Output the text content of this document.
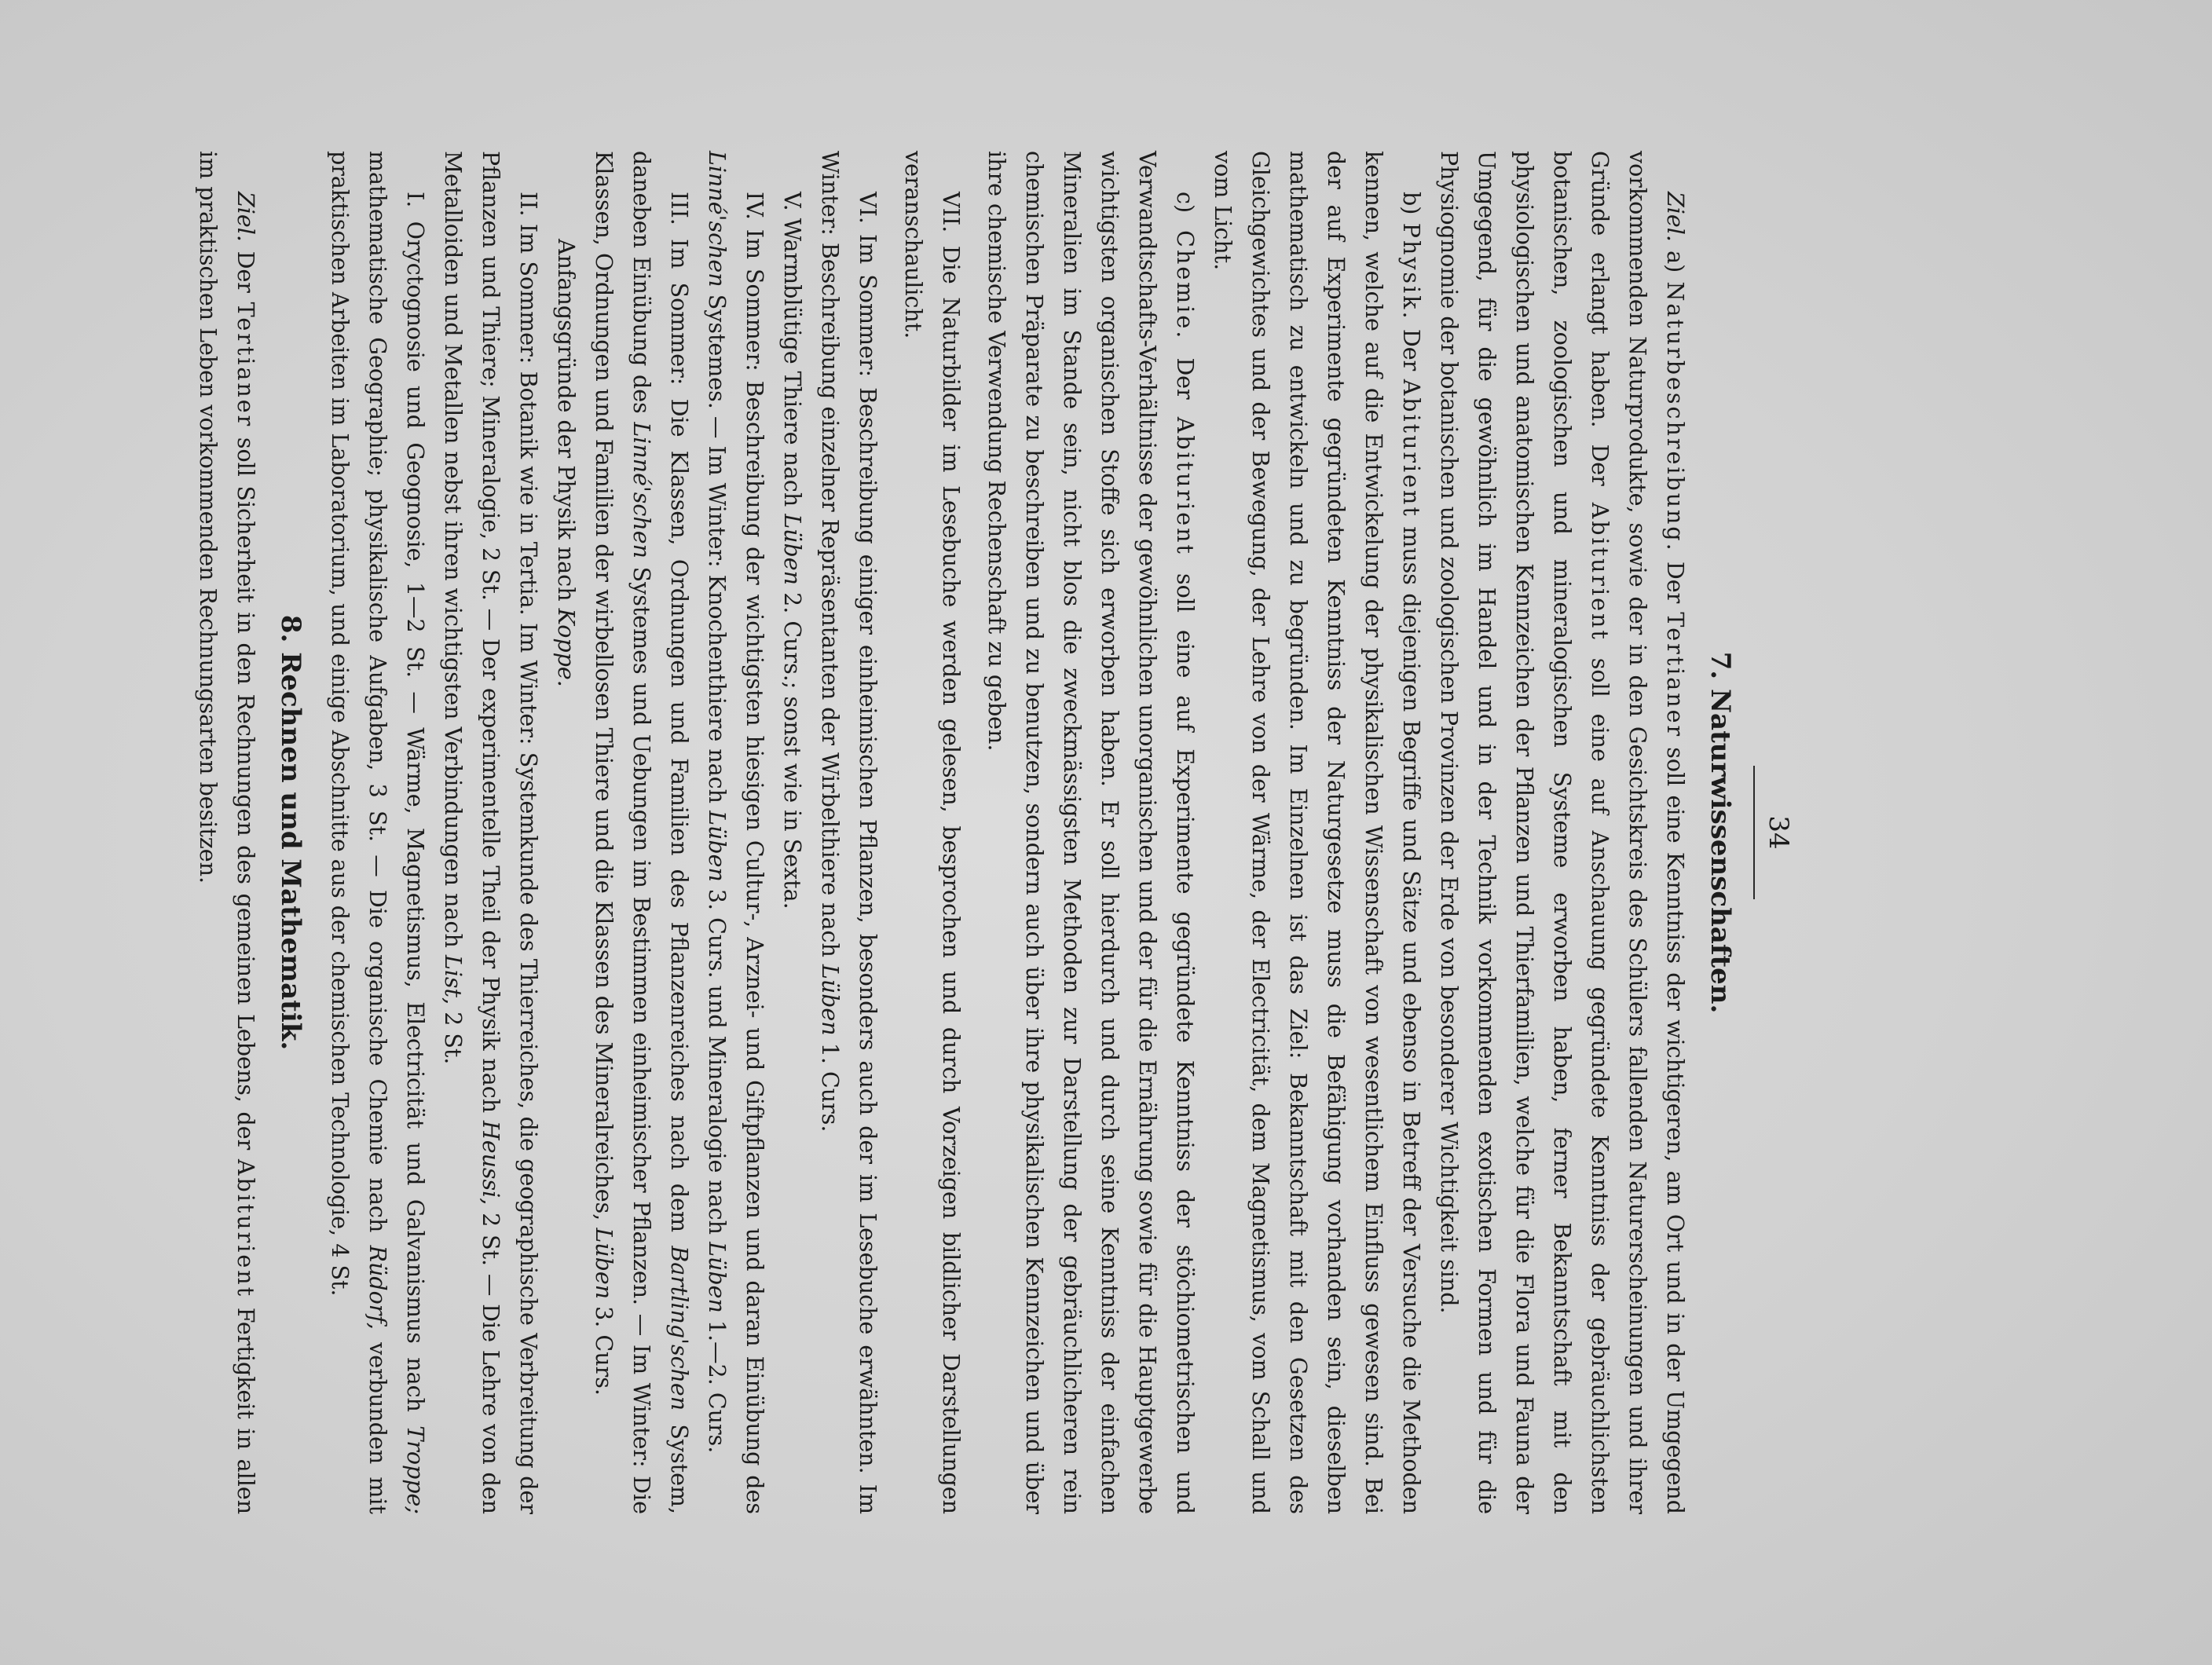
34
7. Naturwissenschaften.

Ziel. a) Naturbeschreibung. Der Tertianer soll eine Kenntniss der wichtigeren, am Ort und in der Umgegend vorkommenden Naturprodukte, sowie der in den Gesichtskreis des Schülers fallenden Naturerscheinungen und ihrer Gründe erlangt haben. Der Abiturient soll eine auf Anschauung gegründete Kenntniss der gebräuchlichsten botanischen, zoologischen und mineralogischen Systeme erworben haben, ferner Bekanntschaft mit den physiologischen und anatomischen Kennzeichen der Pflanzen und Thierfamilien, welche für die Flora und Fauna der Umgegend, für die gewöhnlich im Handel und in der Technik vorkommenden exotischen Formen und für die Physiognomie der botanischen und zoologischen Provinzen der Erde von besonderer Wichtigkeit sind.

b) Physik. Der Abiturient muss diejenigen Begriffe und Sätze und ebenso in Betreff der Versuche die Methoden kennen, welche auf die Entwickelung der physikalischen Wissenschaft von wesentlichem Einfluss gewesen sind. Bei der auf Experimente gegründeten Kenntniss der Naturgesetze muss die Befähigung vorhanden sein, dieselben mathematisch zu entwickeln und zu begründen. Im Einzelnen ist das Ziel: Bekanntschaft mit den Gesetzen des Gleichgewichtes und der Bewegung, der Lehre von der Wärme, der Electricität, dem Magnetismus, vom Schall und vom Licht.

c) Chemie. Der Abiturient soll eine auf Experimente gegründete Kenntniss der stöchiometrischen und Verwandtschafts-Verhältnisse der gewöhnlichen unorganischen und der für die Ernährung sowie für die Hauptgewerbe wichtigsten organischen Stoffe sich erworben haben. Er soll hierdurch und durch seine Kenntniss der einfachen Mineralien im Stande sein, nicht blos die zweckmässigsten Methoden zur Darstellung der gebräuchlicheren rein chemischen Präparate zu beschreiben und zu benutzen, sondern auch über ihre physikalischen Kennzeichen und über ihre chemische Verwendung Rechenschaft zu geben.

VII. Die Naturbilder im Lesebuche werden gelesen, besprochen und durch Vorzeigen bildlicher Darstellungen veranschaulicht.

VI. Im Sommer: Beschreibung einiger einheimischen Pflanzen, besonders auch der im Lesebuche erwähnten. Im Winter: Beschreibung einzelner Repräsentanten der Wirbelthiere nach Lüben 1. Curs.

V. Warmblütige Thiere nach Lüben 2. Curs.; sonst wie in Sexta.

IV. Im Sommer: Beschreibung der wichtigsten hiesigen Cultur-, Arznei- und Giftpflanzen und daran Einübung des Linné'schen Systemes. — Im Winter: Knochenthiere nach Lüben 3. Curs. und Mineralogie nach Lüben 1.—2. Curs.

III. Im Sommer: Die Klassen, Ordnungen und Familien des Pflanzenreiches nach dem Bartling'schen System, daneben Einübung des Linné'schen Systemes und Uebungen im Bestimmen einheimischer Pflanzen. — Im Winter: Die Klassen, Ordnungen und Familien der wirbellosen Thiere und die Klassen des Mineralreiches, Lüben 3. Curs.

Anfangsgründe der Physik nach Koppe.

II. Im Sommer: Botanik wie in Tertia. Im Winter: Systemkunde des Thierreiches, die geographische Verbreitung der Pflanzen und Thiere; Mineralogie, 2 St. — Der experimentelle Theil der Physik nach Heussi, 2 St. — Die Lehre von den Metalloiden und Metallen nebst ihren wichtigsten Verbindungen nach List, 2 St.

I. Oryctognosie und Geognosie, 1—2 St. — Wärme, Magnetismus, Electricität und Galvanismus nach Troppe; mathematische Geographie; physikalische Aufgaben, 3 St. — Die organische Chemie nach Rüdorf, verbunden mit praktischen Arbeiten im Laboratorium, und einige Abschnitte aus der chemischen Technologie, 4 St.

8. Rechnen und Mathematik.

Ziel. Der Tertianer soll Sicherheit in den Rechnungen des gemeinen Lebens, der Abiturient Fertigkeit in allen im praktischen Leben vorkommenden Rechnungsarten besitzen.
